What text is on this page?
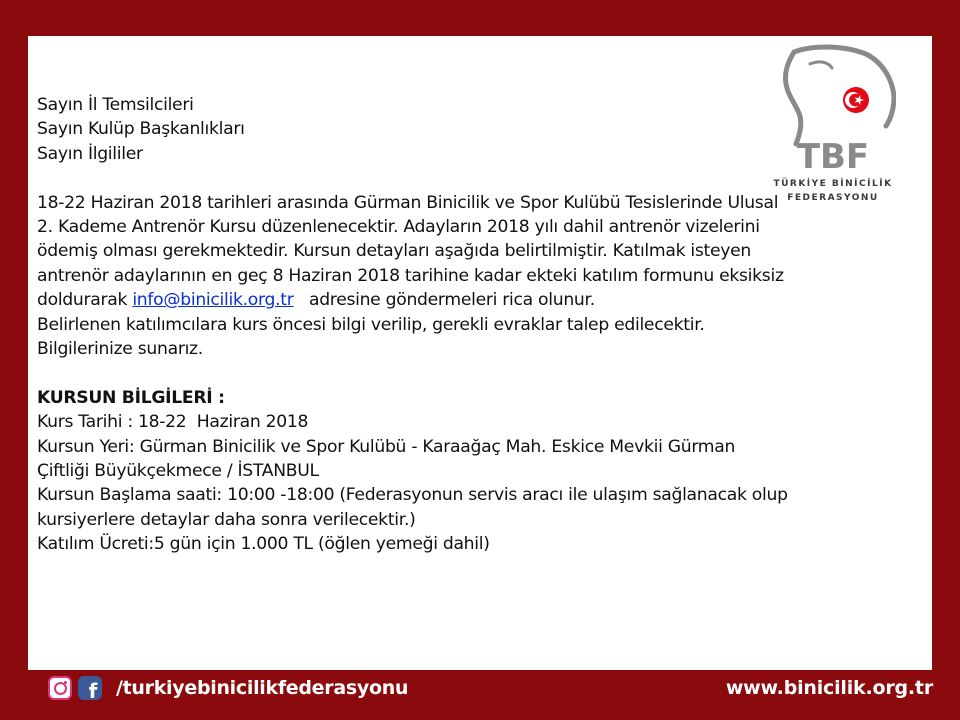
TBF
TÜRKİYE BİNİCİLİK
FEDERASYONU
Sayın İl Temsilcileri
Sayın Kulüp Başkanlıkları
Sayın İlgililer
18-22 Haziran 2018 tarihleri arasında Gürman Binicilik ve Spor Kulübü Tesislerinde Ulusal
2. Kademe Antrenör Kursu düzenlenecektir. Adayların 2018 yılı dahil antrenör vizelerini
ödemiş olması gerekmektedir. Kursun detayları aşağıda belirtilmiştir. Katılmak isteyen
antrenör adaylarının en geç 8 Haziran 2018 tarihine kadar ekteki katılım formunu eksiksiz
doldurarak info@binicilik.org.tr   adresine göndermeleri rica olunur.
Belirlenen katılımcılara kurs öncesi bilgi verilip, gerekli evraklar talep edilecektir.
Bilgilerinize sunarız.
KURSUN BİLGİLERİ :
Kurs Tarihi : 18-22  Haziran 2018
Kursun Yeri: Gürman Binicilik ve Spor Kulübü - Karaağaç Mah. Eskice Mevkii Gürman
Çiftliği Büyükçekmece / İSTANBUL
Kursun Başlama saati: 10:00 -18:00 (Federasyonun servis aracı ile ulaşım sağlanacak olup
kursiyerlere detaylar daha sonra verilecektir.)
Katılım Ücreti:5 gün için 1.000 TL (öğlen yemeği dahil)
f /turkiyebinicilikfederasyonu	www.binicilik.org.tr
